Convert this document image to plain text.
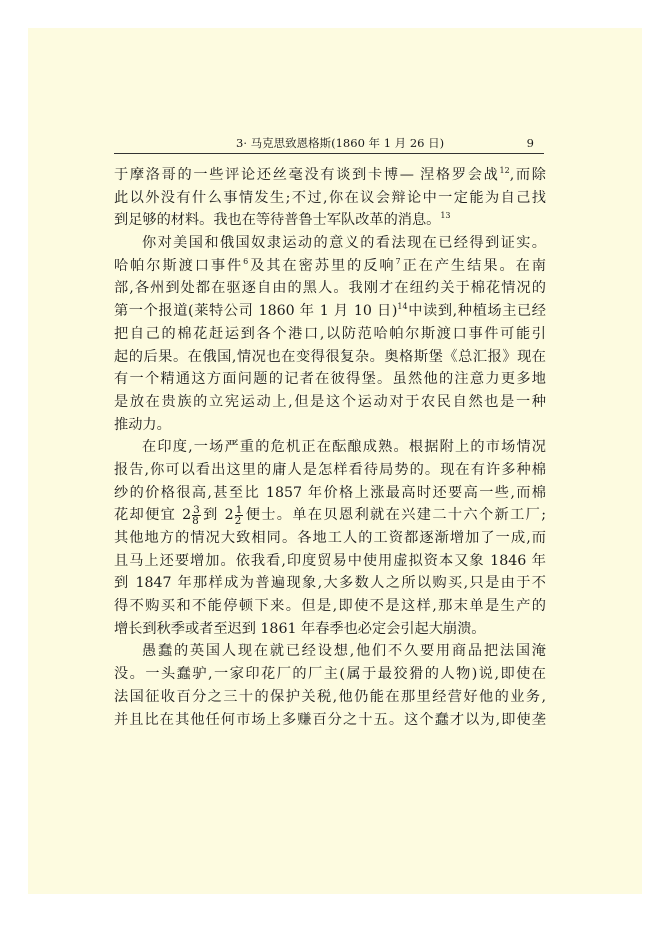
3· 马克思致恩格斯(1860 年 1 月 26 日)	9
于摩洛哥的一些评论还丝毫没有谈到卡博— 涅格罗会战$^{12}$,而除
此以外没有什么事情发生;不过,你在议会辩论中一定能为自己找
到足够的材料。我也在等待普鲁士军队改革的消息。$^{13}$
你对美国和俄国奴隶运动的意义的看法现在已经得到证实。
哈帕尔斯渡口事件$^6$及其在密苏里的反响$^7$正在产生结果。在南
部,各州到处都在驱逐自由的黑人。我刚才在纽约关于棉花情况的
第一个报道(莱特公司 1860 年 1 月 10 日)$^{14}$中读到,种植场主已经
把自己的棉花赶运到各个港口,以防范哈帕尔斯渡口事件可能引
起的后果。在俄国,情况也在变得很复杂。奥格斯堡《总汇报》现在
有一个精通这方面问题的记者在彼得堡。虽然他的注意力更多地
是放在贵族的立宪运动上,但是这个运动对于农民自然也是一种
推动力。
在印度,一场严重的危机正在酝酿成熟。根据附上的市场情况
报告,你可以看出这里的庸人是怎样看待局势的。现在有许多种棉
纱的价格很高,甚至比 1857 年价格上涨最高时还要高一些,而棉
花却便宜 $2 \frac{3}{8}$ 到 $2 \frac{1}{2}$ 便士。单在贝恩利就在兴建二十六个新工厂;
其他地方的情况大致相同。各地工人的工资都逐渐增加了一成,而
且马上还要增加。依我看,印度贸易中使用虚拟资本又象 1846 年
到 1847 年那样成为普遍现象,大多数人之所以购买,只是由于不
得不购买和不能停顿下来。但是,即使不是这样,那末单是生产的
增长到秋季或者至迟到 1861 年春季也必定会引起大崩溃。
愚蠢的英国人现在就已经设想,他们不久要用商品把法国淹
没。一头蠢驴,一家印花厂的厂主(属于最狡猾的人物)说,即使在
法国征收百分之三十的保护关税,他仍能在那里经营好他的业务,
并且比在其他任何市场上多赚百分之十五。这个蠢才以为,即使垄
